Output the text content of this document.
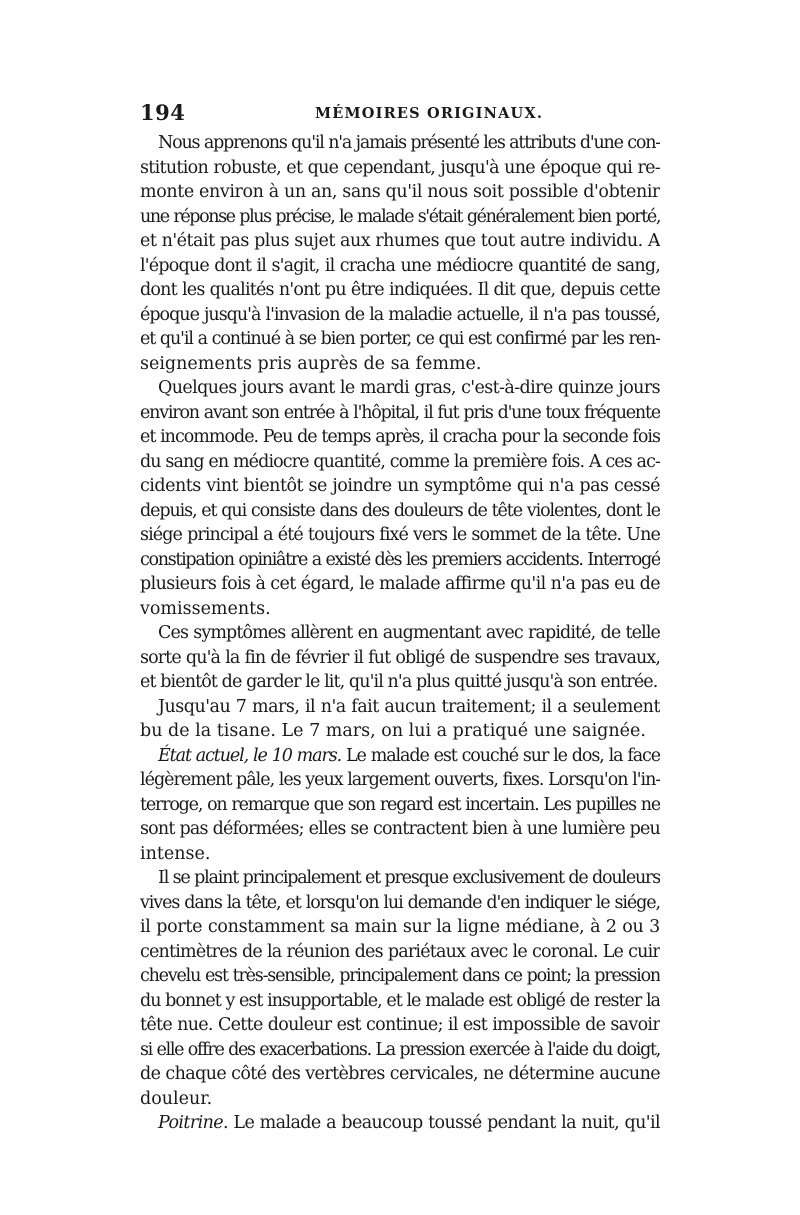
194	MÉMOIRES ORIGINAUX.
Nous apprenons qu'il n'a jamais présenté les attributs d'une con-
stitution robuste, et que cependant, jusqu'à une époque qui re-
monte environ à un an, sans qu'il nous soit possible d'obtenir
une réponse plus précise, le malade s'était généralement bien porté,
et n'était pas plus sujet aux rhumes que tout autre individu. A
l'époque dont il s'agit, il cracha une médiocre quantité de sang,
dont les qualités n'ont pu être indiquées. Il dit que, depuis cette
époque jusqu'à l'invasion de la maladie actuelle, il n'a pas toussé,
et qu'il a continué à se bien porter, ce qui est confirmé par les ren-
seignements pris auprès de sa femme.
Quelques jours avant le mardi gras, c'est-à-dire quinze jours
environ avant son entrée à l'hôpital, il fut pris d'une toux fréquente
et incommode. Peu de temps après, il cracha pour la seconde fois
du sang en médiocre quantité, comme la première fois. A ces ac-
cidents vint bientôt se joindre un symptôme qui n'a pas cessé
depuis, et qui consiste dans des douleurs de tête violentes, dont le
siége principal a été toujours fixé vers le sommet de la tête. Une
constipation opiniâtre a existé dès les premiers accidents. Interrogé
plusieurs fois à cet égard, le malade affirme qu'il n'a pas eu de
vomissements.
Ces symptômes allèrent en augmentant avec rapidité, de telle
sorte qu'à la fin de février il fut obligé de suspendre ses travaux,
et bientôt de garder le lit, qu'il n'a plus quitté jusqu'à son entrée.
Jusqu'au 7 mars, il n'a fait aucun traitement; il a seulement
bu de la tisane. Le 7 mars, on lui a pratiqué une saignée.
État actuel, le 10 mars. Le malade est couché sur le dos, la face
légèrement pâle, les yeux largement ouverts, fixes. Lorsqu'on l'in-
terroge, on remarque que son regard est incertain. Les pupilles ne
sont pas déformées; elles se contractent bien à une lumière peu
intense.
Il se plaint principalement et presque exclusivement de douleurs
vives dans la tête, et lorsqu'on lui demande d'en indiquer le siége,
il porte constamment sa main sur la ligne médiane, à 2 ou 3
centimètres de la réunion des pariétaux avec le coronal. Le cuir
chevelu est très-sensible, principalement dans ce point; la pression
du bonnet y est insupportable, et le malade est obligé de rester la
tête nue. Cette douleur est continue; il est impossible de savoir
si elle offre des exacerbations. La pression exercée à l'aide du doigt,
de chaque côté des vertèbres cervicales, ne détermine aucune
douleur.
Poitrine. Le malade a beaucoup toussé pendant la nuit, qu'il
